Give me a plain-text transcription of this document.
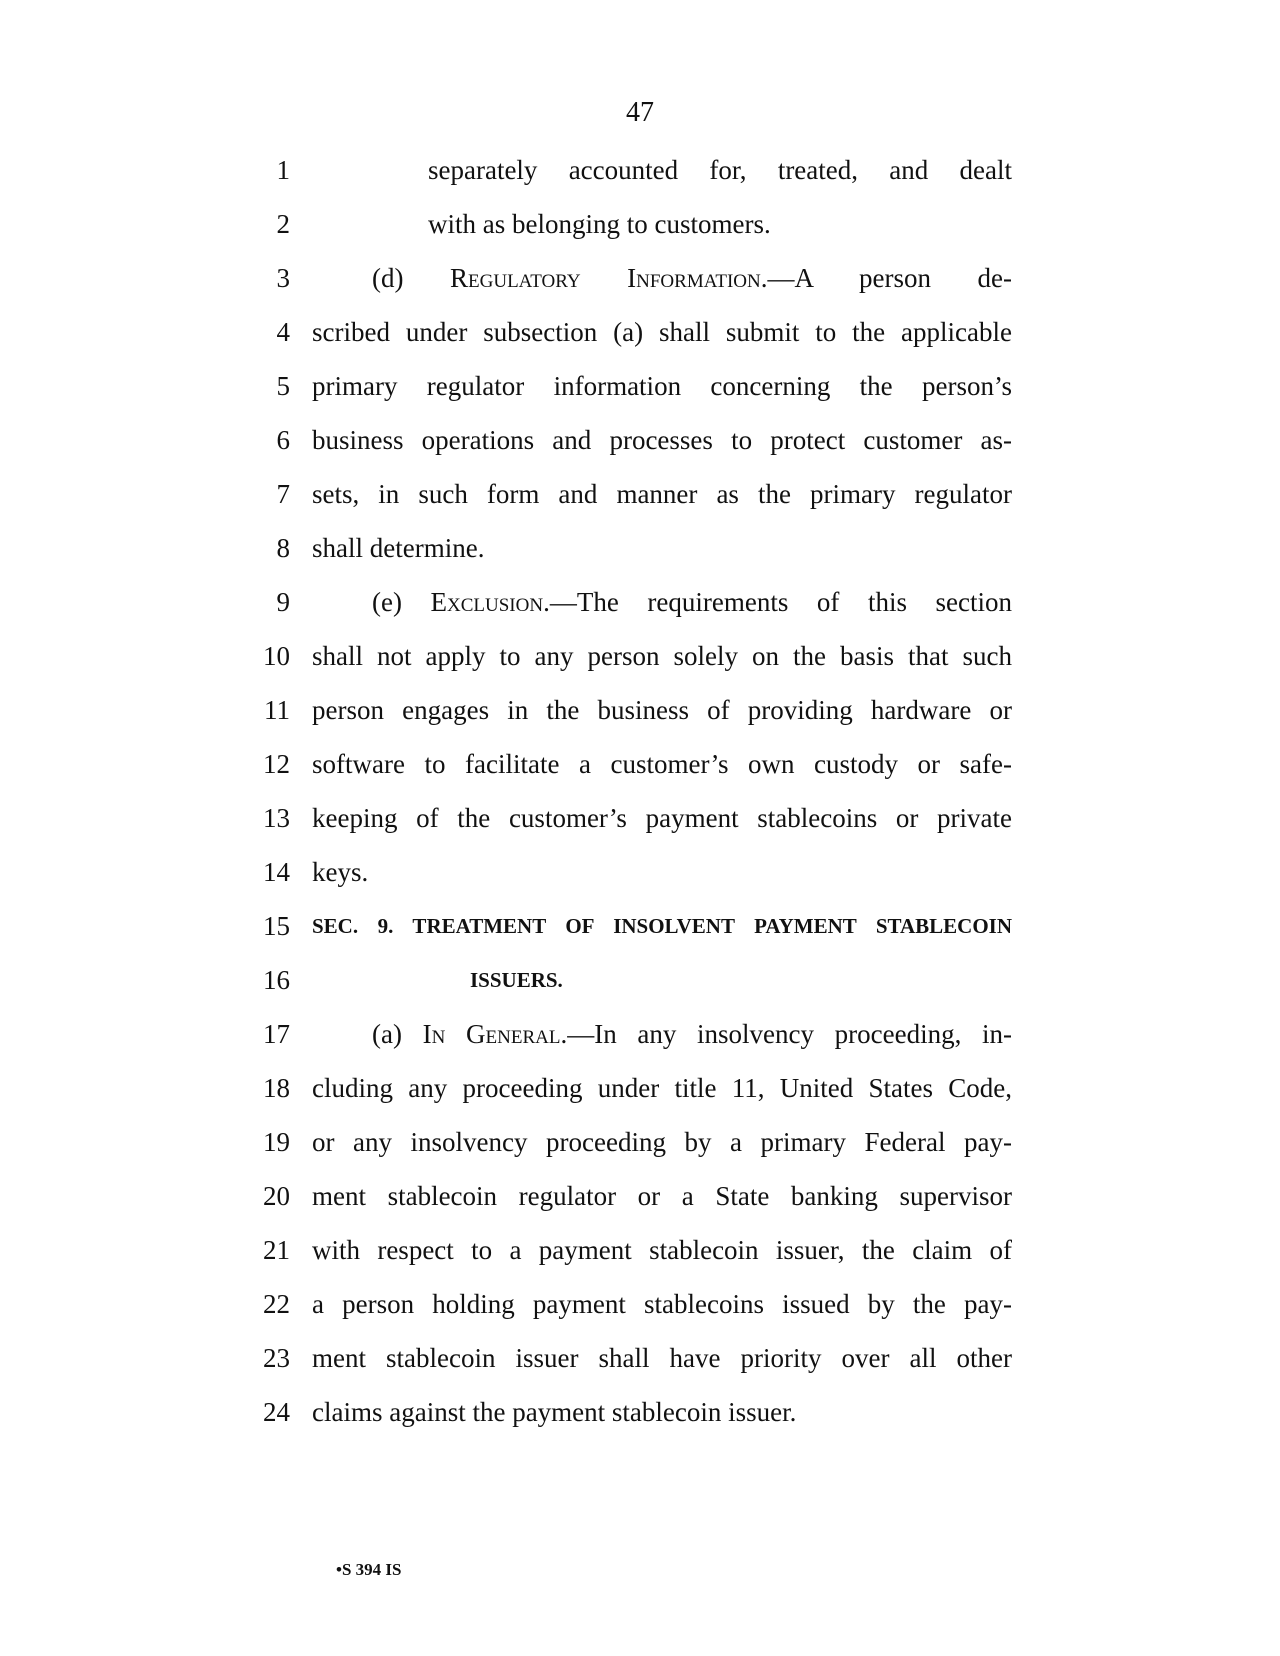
47
1	separately accounted for, treated, and dealt
2	with as belonging to customers.
3	(d) Regulatory Information.—A person de-
4 scribed under subsection (a) shall submit to the applicable
5 primary regulator information concerning the person’s
6 business operations and processes to protect customer as-
7 sets, in such form and manner as the primary regulator
8 shall determine.
9	(e) Exclusion.—The requirements of this section
10 shall not apply to any person solely on the basis that such
11 person engages in the business of providing hardware or
12 software to facilitate a customer’s own custody or safe-
13 keeping of the customer’s payment stablecoins or private
14 keys.
15 SEC. 9. TREATMENT OF INSOLVENT PAYMENT STABLECOIN
16	ISSUERS.
17	(a) In General.—In any insolvency proceeding, in-
18 cluding any proceeding under title 11, United States Code,
19 or any insolvency proceeding by a primary Federal pay-
20 ment stablecoin regulator or a State banking supervisor
21 with respect to a payment stablecoin issuer, the claim of
22 a person holding payment stablecoins issued by the pay-
23 ment stablecoin issuer shall have priority over all other
24 claims against the payment stablecoin issuer.
•S 394 IS
